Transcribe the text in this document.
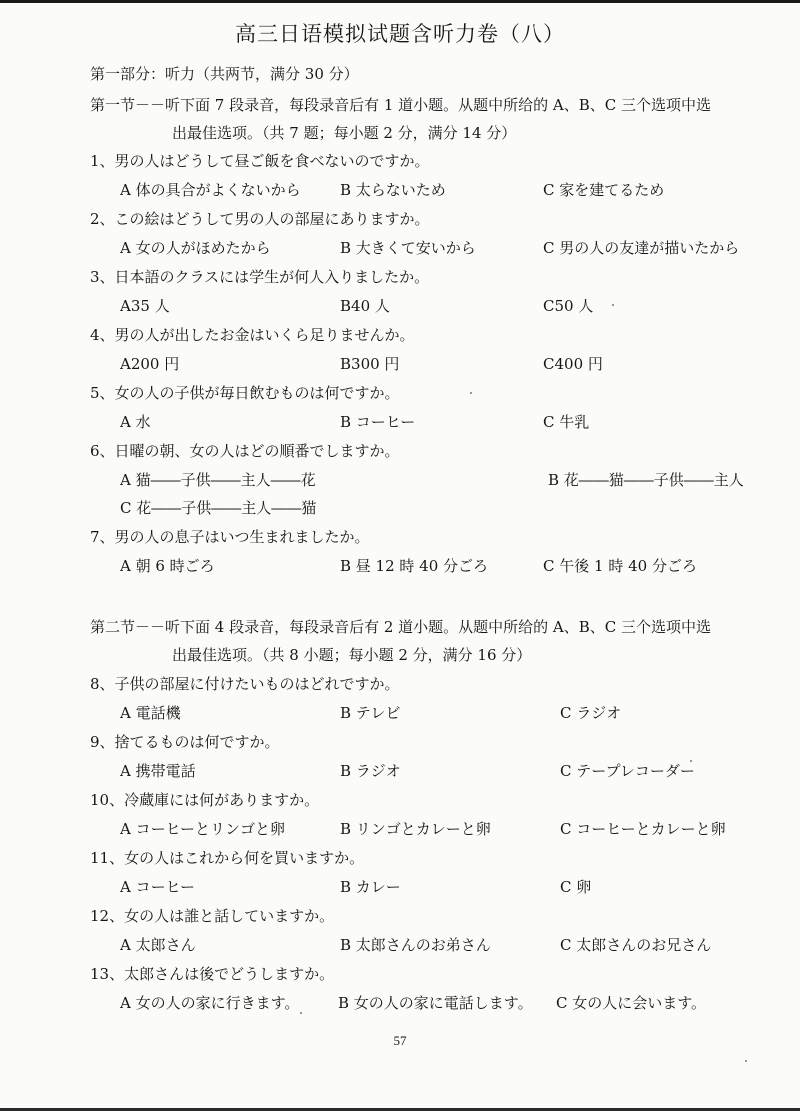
高三日语模拟试题含听力卷（八）
第一部分：听力（共两节，满分 30 分）
第一节－－听下面 7 段录音，每段录音后有 1 道小题。从题中所给的 A、B、C 三个选项中选
出最佳选项。（共 7 题；每小题 2 分，满分 14 分）
1、男の人はどうして昼ご飯を食べないのですか。
A 体の具合がよくないから	B 太らないため	C 家を建てるため
2、この絵はどうして男の人の部屋にありますか。
A 女の人がほめたから	B 大きくて安いから	C 男の人の友達が描いたから
3、日本語のクラスには学生が何人入りましたか。
A35 人	B40 人	C50 人
4、男の人が出したお金はいくら足りませんか。
A200 円	B300 円	C400 円
5、女の人の子供が毎日飲むものは何ですか。
A 水	B コーヒー	C 牛乳
6、日曜の朝、女の人はどの順番でしますか。
A 猫――子供――主人――花	B 花――猫――子供――主人
C 花――子供――主人――猫
7、男の人の息子はいつ生まれましたか。
A 朝 6 時ごろ	B 昼 12 時 40 分ごろ	C 午後 1 時 40 分ごろ
第二节－－听下面 4 段录音，每段录音后有 2 道小题。从题中所给的 A、B、C 三个选项中选
出最佳选项。（共 8 小题；每小题 2 分，满分 16 分）
8、子供の部屋に付けたいものはどれですか。
A 電話機	B テレビ	C ラジオ
9、捨てるものは何ですか。
A 携帯電話	B ラジオ	C テープレコーダー
10、冷蔵庫には何がありますか。
A コーヒーとリンゴと卵	B リンゴとカレーと卵	C コーヒーとカレーと卵
11、女の人はこれから何を買いますか。
A コーヒー	B カレー	C 卵
12、女の人は誰と話していますか。
A 太郎さん	B 太郎さんのお弟さん	C 太郎さんのお兄さん
13、太郎さんは後でどうしますか。
A 女の人の家に行きます。	B 女の人の家に電話します。 C 女の人に会います。
57
